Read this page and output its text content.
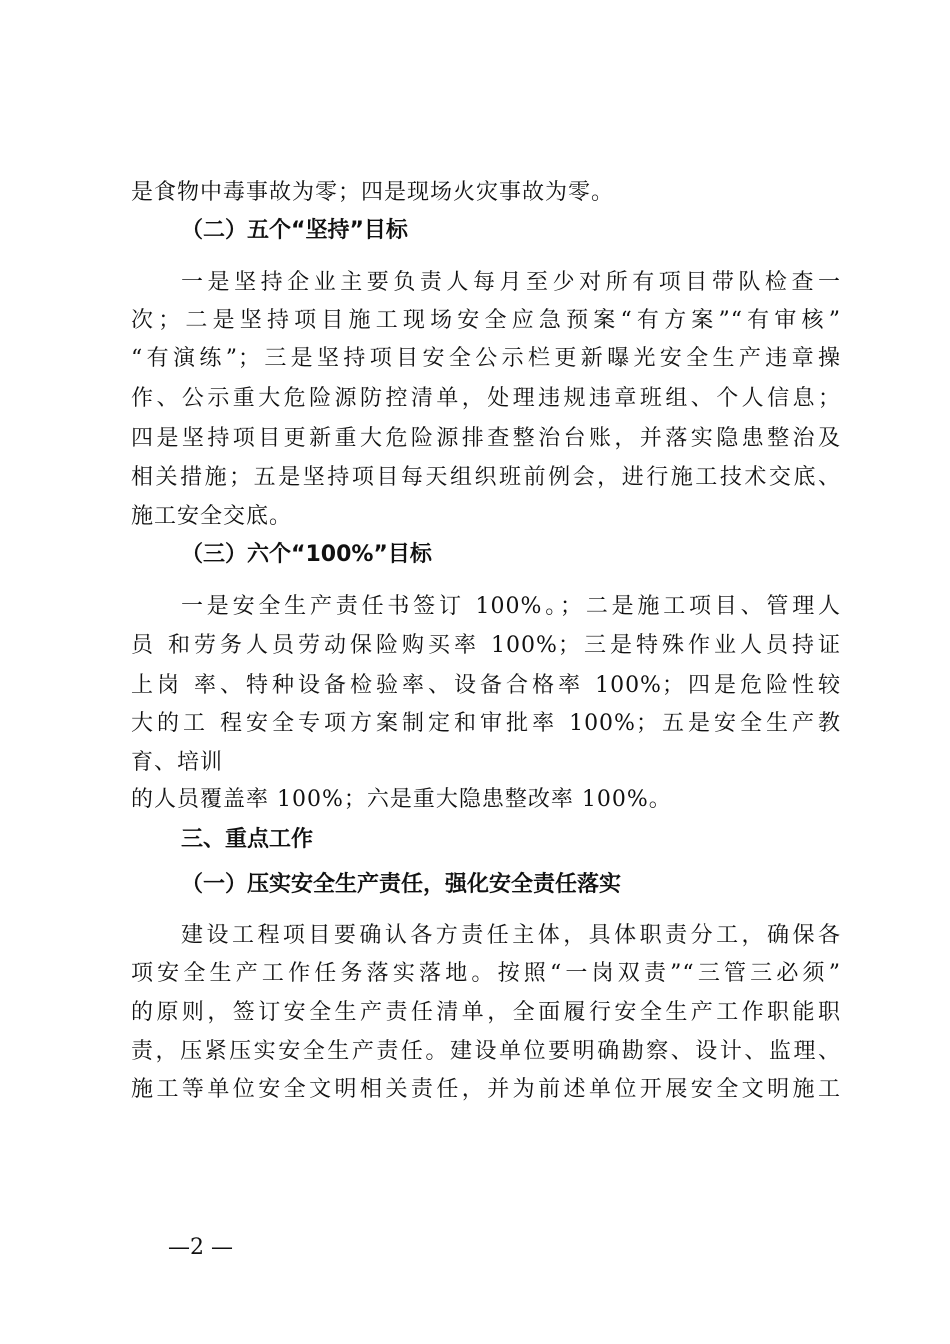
是食物中毒事故为零；四是现场火灾事故为零。
（二）五个“坚持”目标
一是坚持企业主要负责人每月至少对所有项目带队检查一
次；二是坚持项目施工现场安全应急预案“有方案”“有审核”
“有演练”；三是坚持项目安全公示栏更新曝光安全生产违章操
作、公示重大危险源防控清单，处理违规违章班组、个人信息；
四是坚持项目更新重大危险源排查整治台账，并落实隐患整治及
相关措施；五是坚持项目每天组织班前例会，进行施工技术交底、
施工安全交底。
（三）六个“100%”目标
一是安全生产责任书签订 100%。；二是施工项目、管理人
员 和劳务人员劳动保险购买率 100%；三是特殊作业人员持证
上岗 率、特种设备检验率、设备合格率 100%；四是危险性较
大的工 程安全专项方案制定和审批率 100%；五是安全生产教
育、培训
的人员覆盖率 100%；六是重大隐患整改率 100%。
三、重点工作
（一）压实安全生产责任，强化安全责任落实
建设工程项目要确认各方责任主体，具体职责分工，确保各
项安全生产工作任务落实落地。按照“一岗双责”“三管三必须”
的原则，签订安全生产责任清单，全面履行安全生产工作职能职
责，压紧压实安全生产责任。建设单位要明确勘察、设计、监理、
施工等单位安全文明相关责任，并为前述单位开展安全文明施工
—2 —
